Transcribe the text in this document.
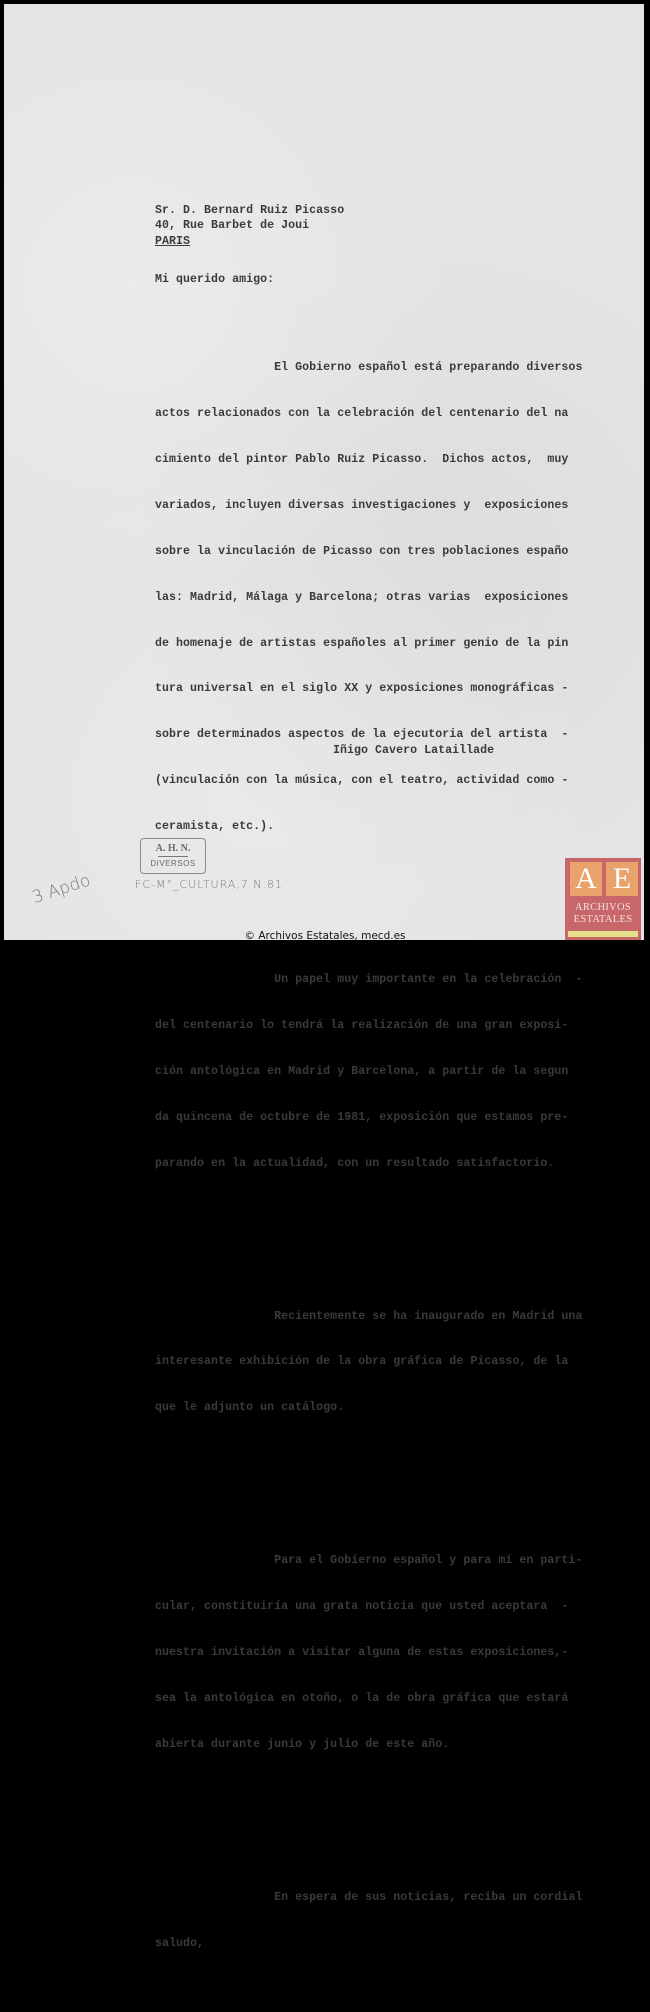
Sr. D. Bernard Ruiz Picasso
40, Rue Barbet de Joui
PARIS
Mi querido amigo:

El Gobierno español está preparando diversos

actos relacionados con la celebración del centenario del na

cimiento del pintor Pablo Ruiz Picasso.  Dichos actos,  muy

variados, incluyen diversas investigaciones y  exposiciones

sobre la vinculación de Picasso con tres poblaciones españo

las: Madrid, Málaga y Barcelona; otras varias  exposiciones

de homenaje de artistas españoles al primer genio de la pin

tura universal en el siglo XX y exposiciones monográficas -

sobre determinados aspectos de la ejecutoria del artista  -

(vinculación con la música, con el teatro, actividad como -

ceramista, etc.).

Un papel muy importante en la celebración  -

del centenario lo tendrá la realización de una gran exposi-

ción antológica en Madrid y Barcelona, a partir de la segun

da quincena de octubre de 1981, exposición que estamos pre-

parando en la actualidad, con un resultado satisfactorio.

Recientemente se ha inaugurado en Madrid una

interesante exhibición de la obra gráfica de Picasso, de la

que le adjunto un catálogo.

Para el Gobierno español y para mí en parti-

cular, constituiría una grata noticia que usted aceptara  -

nuestra invitación a visitar alguna de estas exposiciones,-

sea la antológica en otoño, o la de obra gráfica que estará

abierta durante junio y julio de este año.

En espera de sus noticias, reciba un cordial

saludo,

Iñigo Cavero Lataillade
A. H. N.
DIVERSOS
3 Apdo	FC-M°_CULTURA,7 N.81	A E
ARCHIVOS
ESTATALES
© Archivos Estatales, mecd.es
